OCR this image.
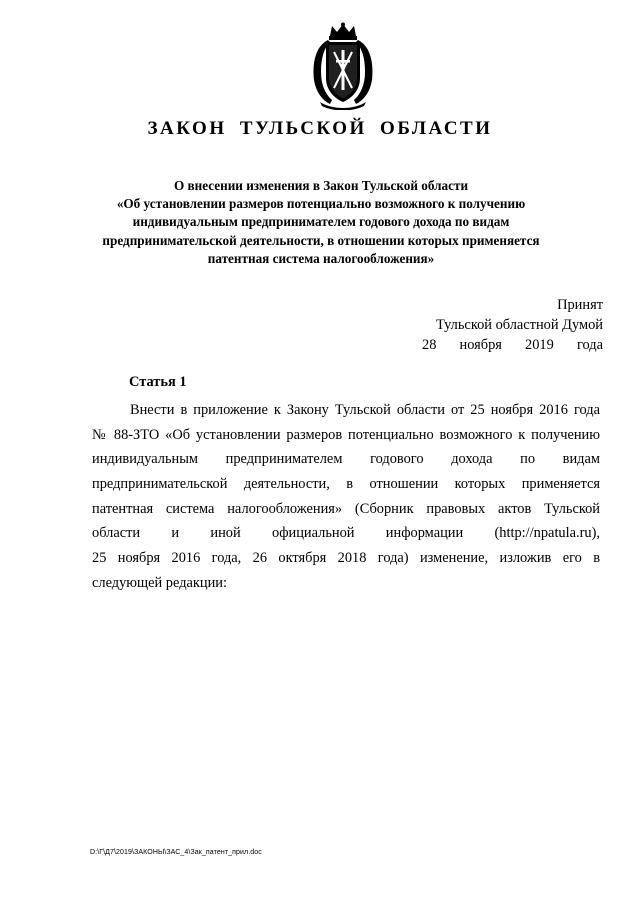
ЗАКОН ТУЛЬСКОЙ ОБЛАСТИ
О внесении изменения в Закон Тульской области
«Об установлении размеров потенциально возможного к получению
индивидуальным предпринимателем годового дохода по видам
предпринимательской деятельности, в отношении которых применяется
патентная система налогообложения»
Принят
Тульской областной Думой
28 ноября 2019 года
Статья 1
Внести в приложение к Закону Тульской области от 25 ноября 2016 года
№ 88-ЗТО «Об установлении размеров потенциально возможного к получению
индивидуальным предпринимателем годового дохода по видам
предпринимательской деятельности, в отношении которых применяется
патентная система налогообложения» (Сборник правовых актов Тульской
области и иной официальной информации (http://npatula.ru),
25 ноября 2016 года, 26 октября 2018 года) изменение, изложив его в
следующей редакции:
D:\Г\Д7\2019\ЗАКОНЫ\ЗАС_4\Зак_патент_прил.doc
